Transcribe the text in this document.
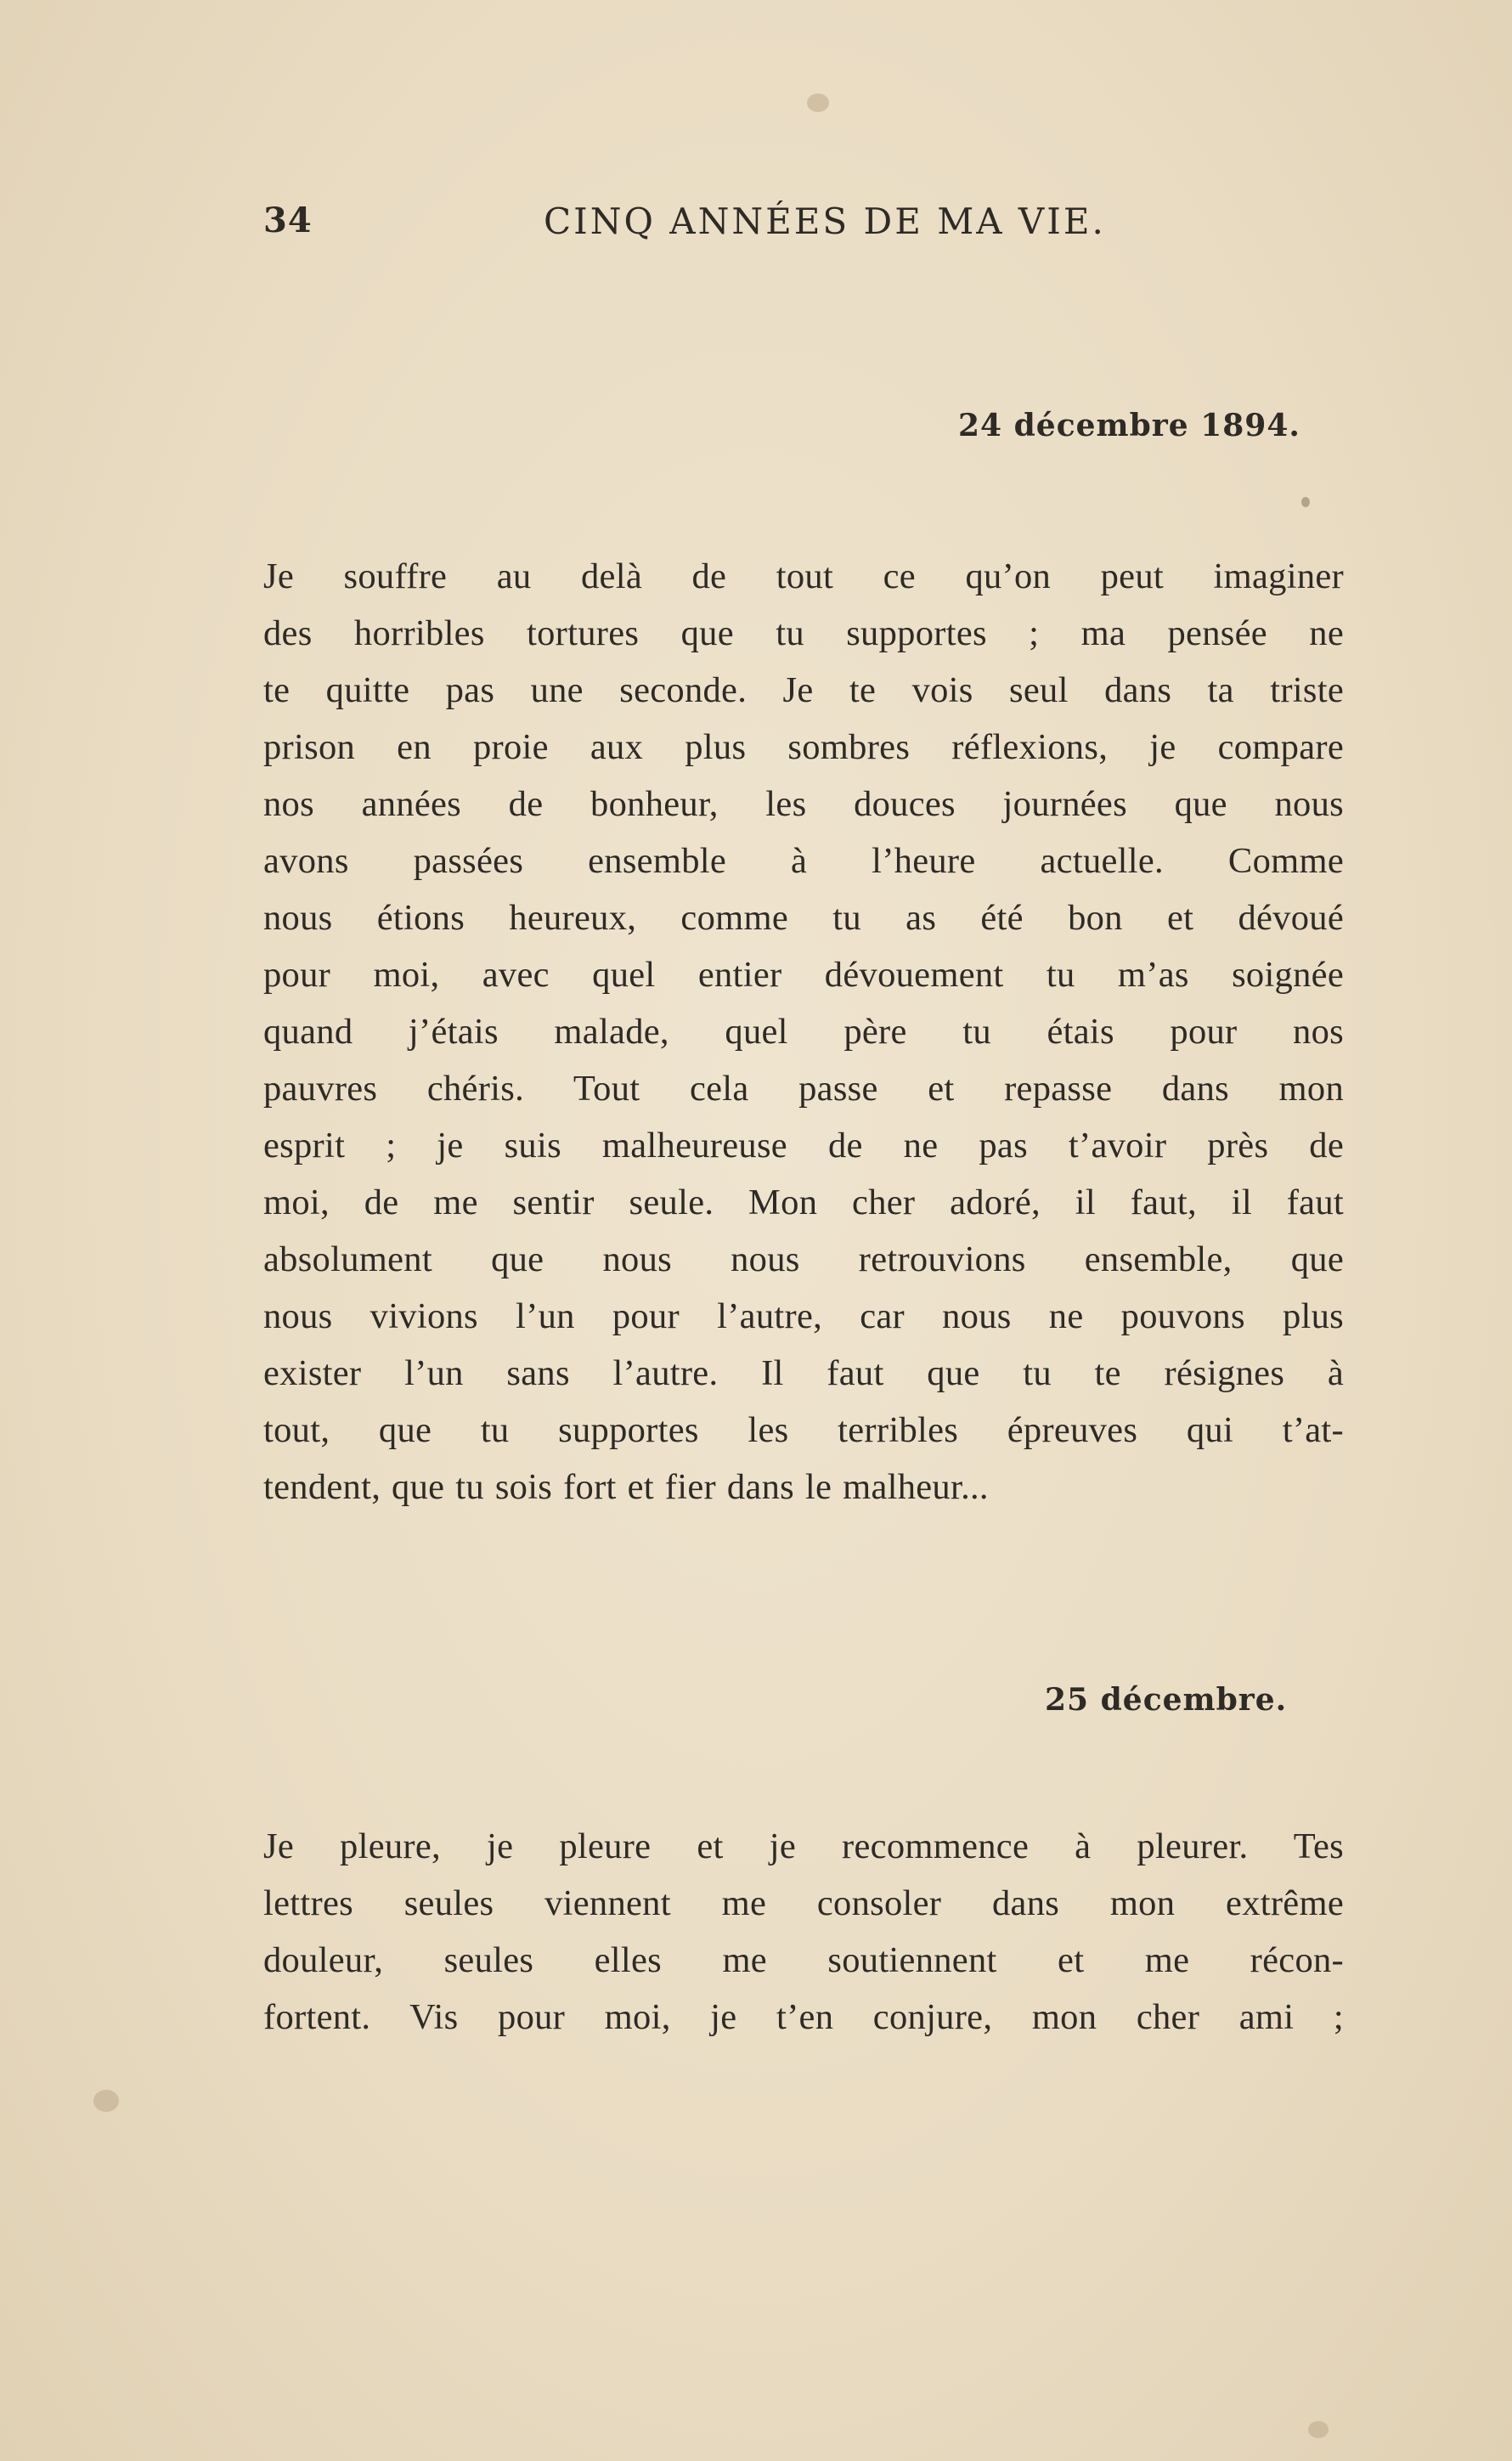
34	CINQ ANNÉES DE MA VIE.
24 décembre 1894.
Je souffre au delà de tout ce qu’on peut imaginer
des horribles tortures que tu supportes ; ma pensée ne
te quitte pas une seconde. Je te vois seul dans ta triste
prison en proie aux plus sombres réflexions, je compare
nos années de bonheur, les douces journées que nous
avons passées ensemble à l’heure actuelle. Comme
nous étions heureux, comme tu as été bon et dévoué
pour moi, avec quel entier dévouement tu m’as soignée
quand j’étais malade, quel père tu étais pour nos
pauvres chéris. Tout cela passe et repasse dans mon
esprit ; je suis malheureuse de ne pas t’avoir près de
moi, de me sentir seule. Mon cher adoré, il faut, il faut
absolument que nous nous retrouvions ensemble, que
nous vivions l’un pour l’autre, car nous ne pouvons plus
exister l’un sans l’autre. Il faut que tu te résignes à
tout, que tu supportes les terribles épreuves qui t’at-
tendent, que tu sois fort et fier dans le malheur...
25 décembre.
Je pleure, je pleure et je recommence à pleurer. Tes
lettres seules viennent me consoler dans mon extrême
douleur, seules elles me soutiennent et me récon-
fortent. Vis pour moi, je t’en conjure, mon cher ami ;
